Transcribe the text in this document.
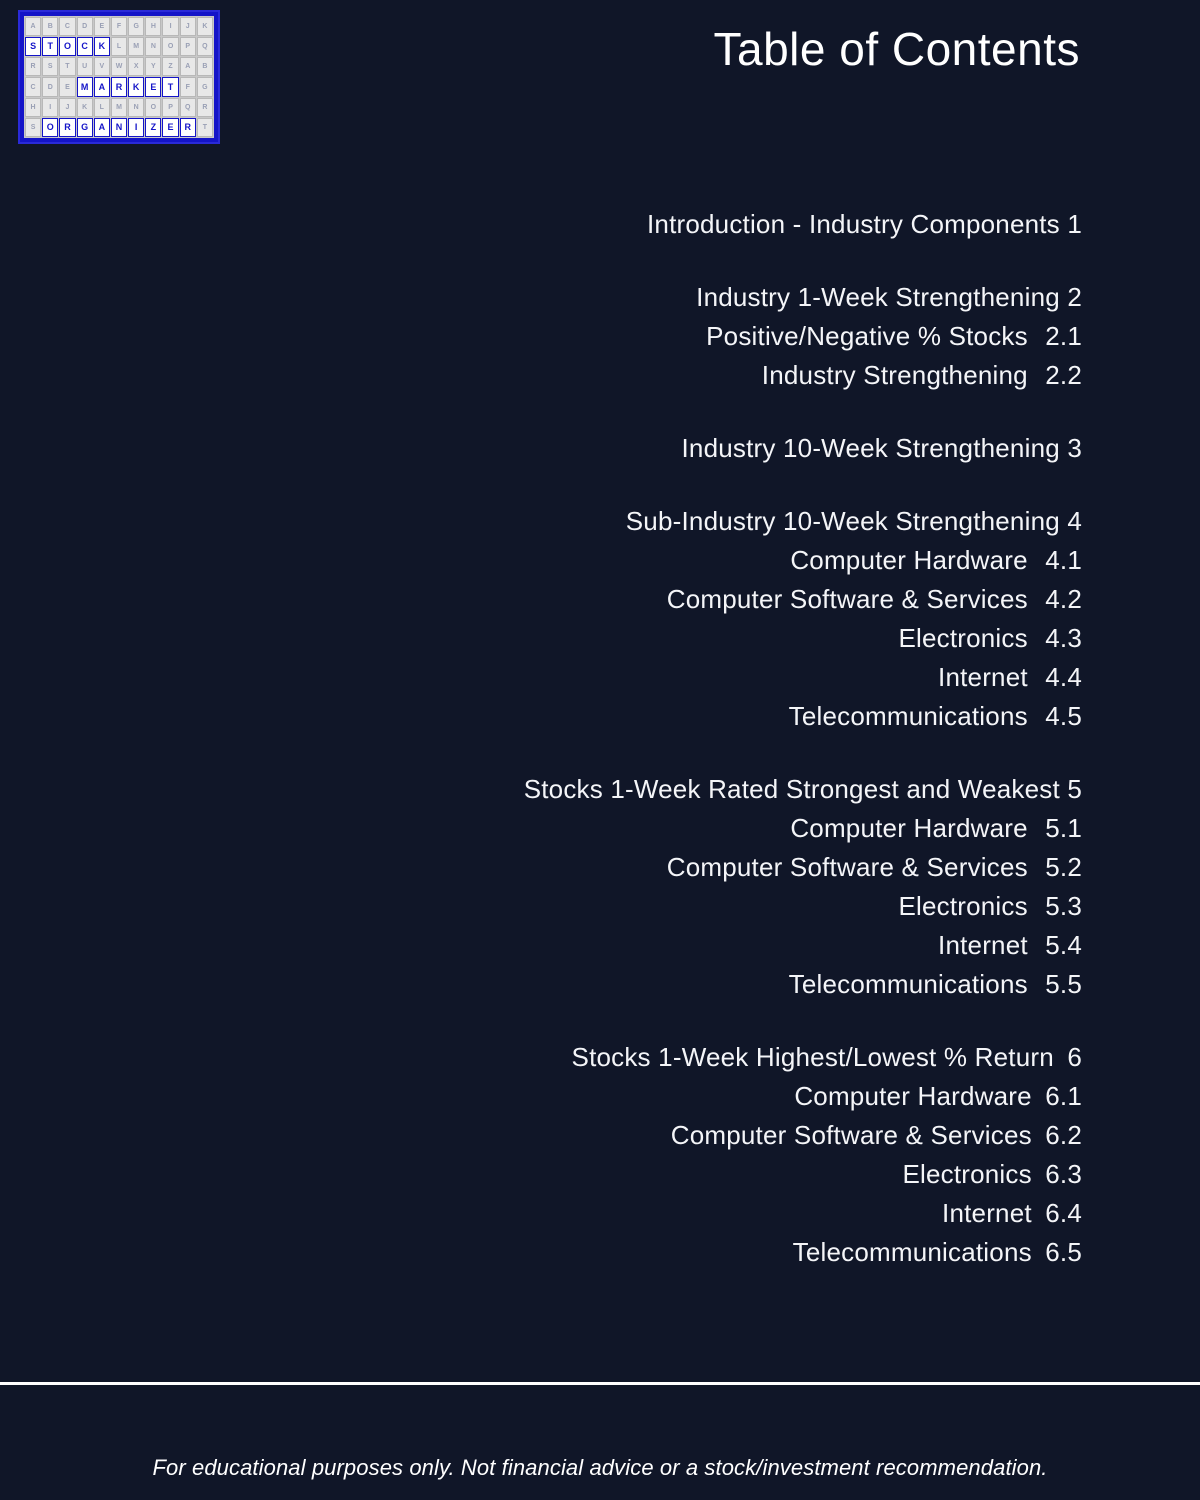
A	B	C	D	E	F	G	H	I	J	K
S	T	O	C	K	L	M	N	O	P	Q
R	S	T	U	V	W	X	Y	Z	A	B
C	D	E	M	A	R	K	E	T	F	G
H	I	J	K	L	M	N	O	P	Q	R
S	O	R	G	A	N	I	Z	E	R	T
Table of Contents
Introduction - Industry Components 1
Industry 1-Week Strengthening 2
Positive/Negative % Stocks 2.1
Industry Strengthening 2.2
Industry 10-Week Strengthening 3
Sub-Industry 10-Week Strengthening 4
Computer Hardware 4.1
Computer Software & Services 4.2
Electronics 4.3
Internet 4.4
Telecommunications 4.5
Stocks 1-Week Rated Strongest and Weakest 5
Computer Hardware 5.1
Computer Software & Services 5.2
Electronics 5.3
Internet 5.4
Telecommunications 5.5
Stocks 1-Week Highest/Lowest % Return 6
Computer Hardware 6.1
Computer Software & Services 6.2
Electronics 6.3
Internet 6.4
Telecommunications 6.5
For educational purposes only. Not financial advice or a stock/investment recommendation.
